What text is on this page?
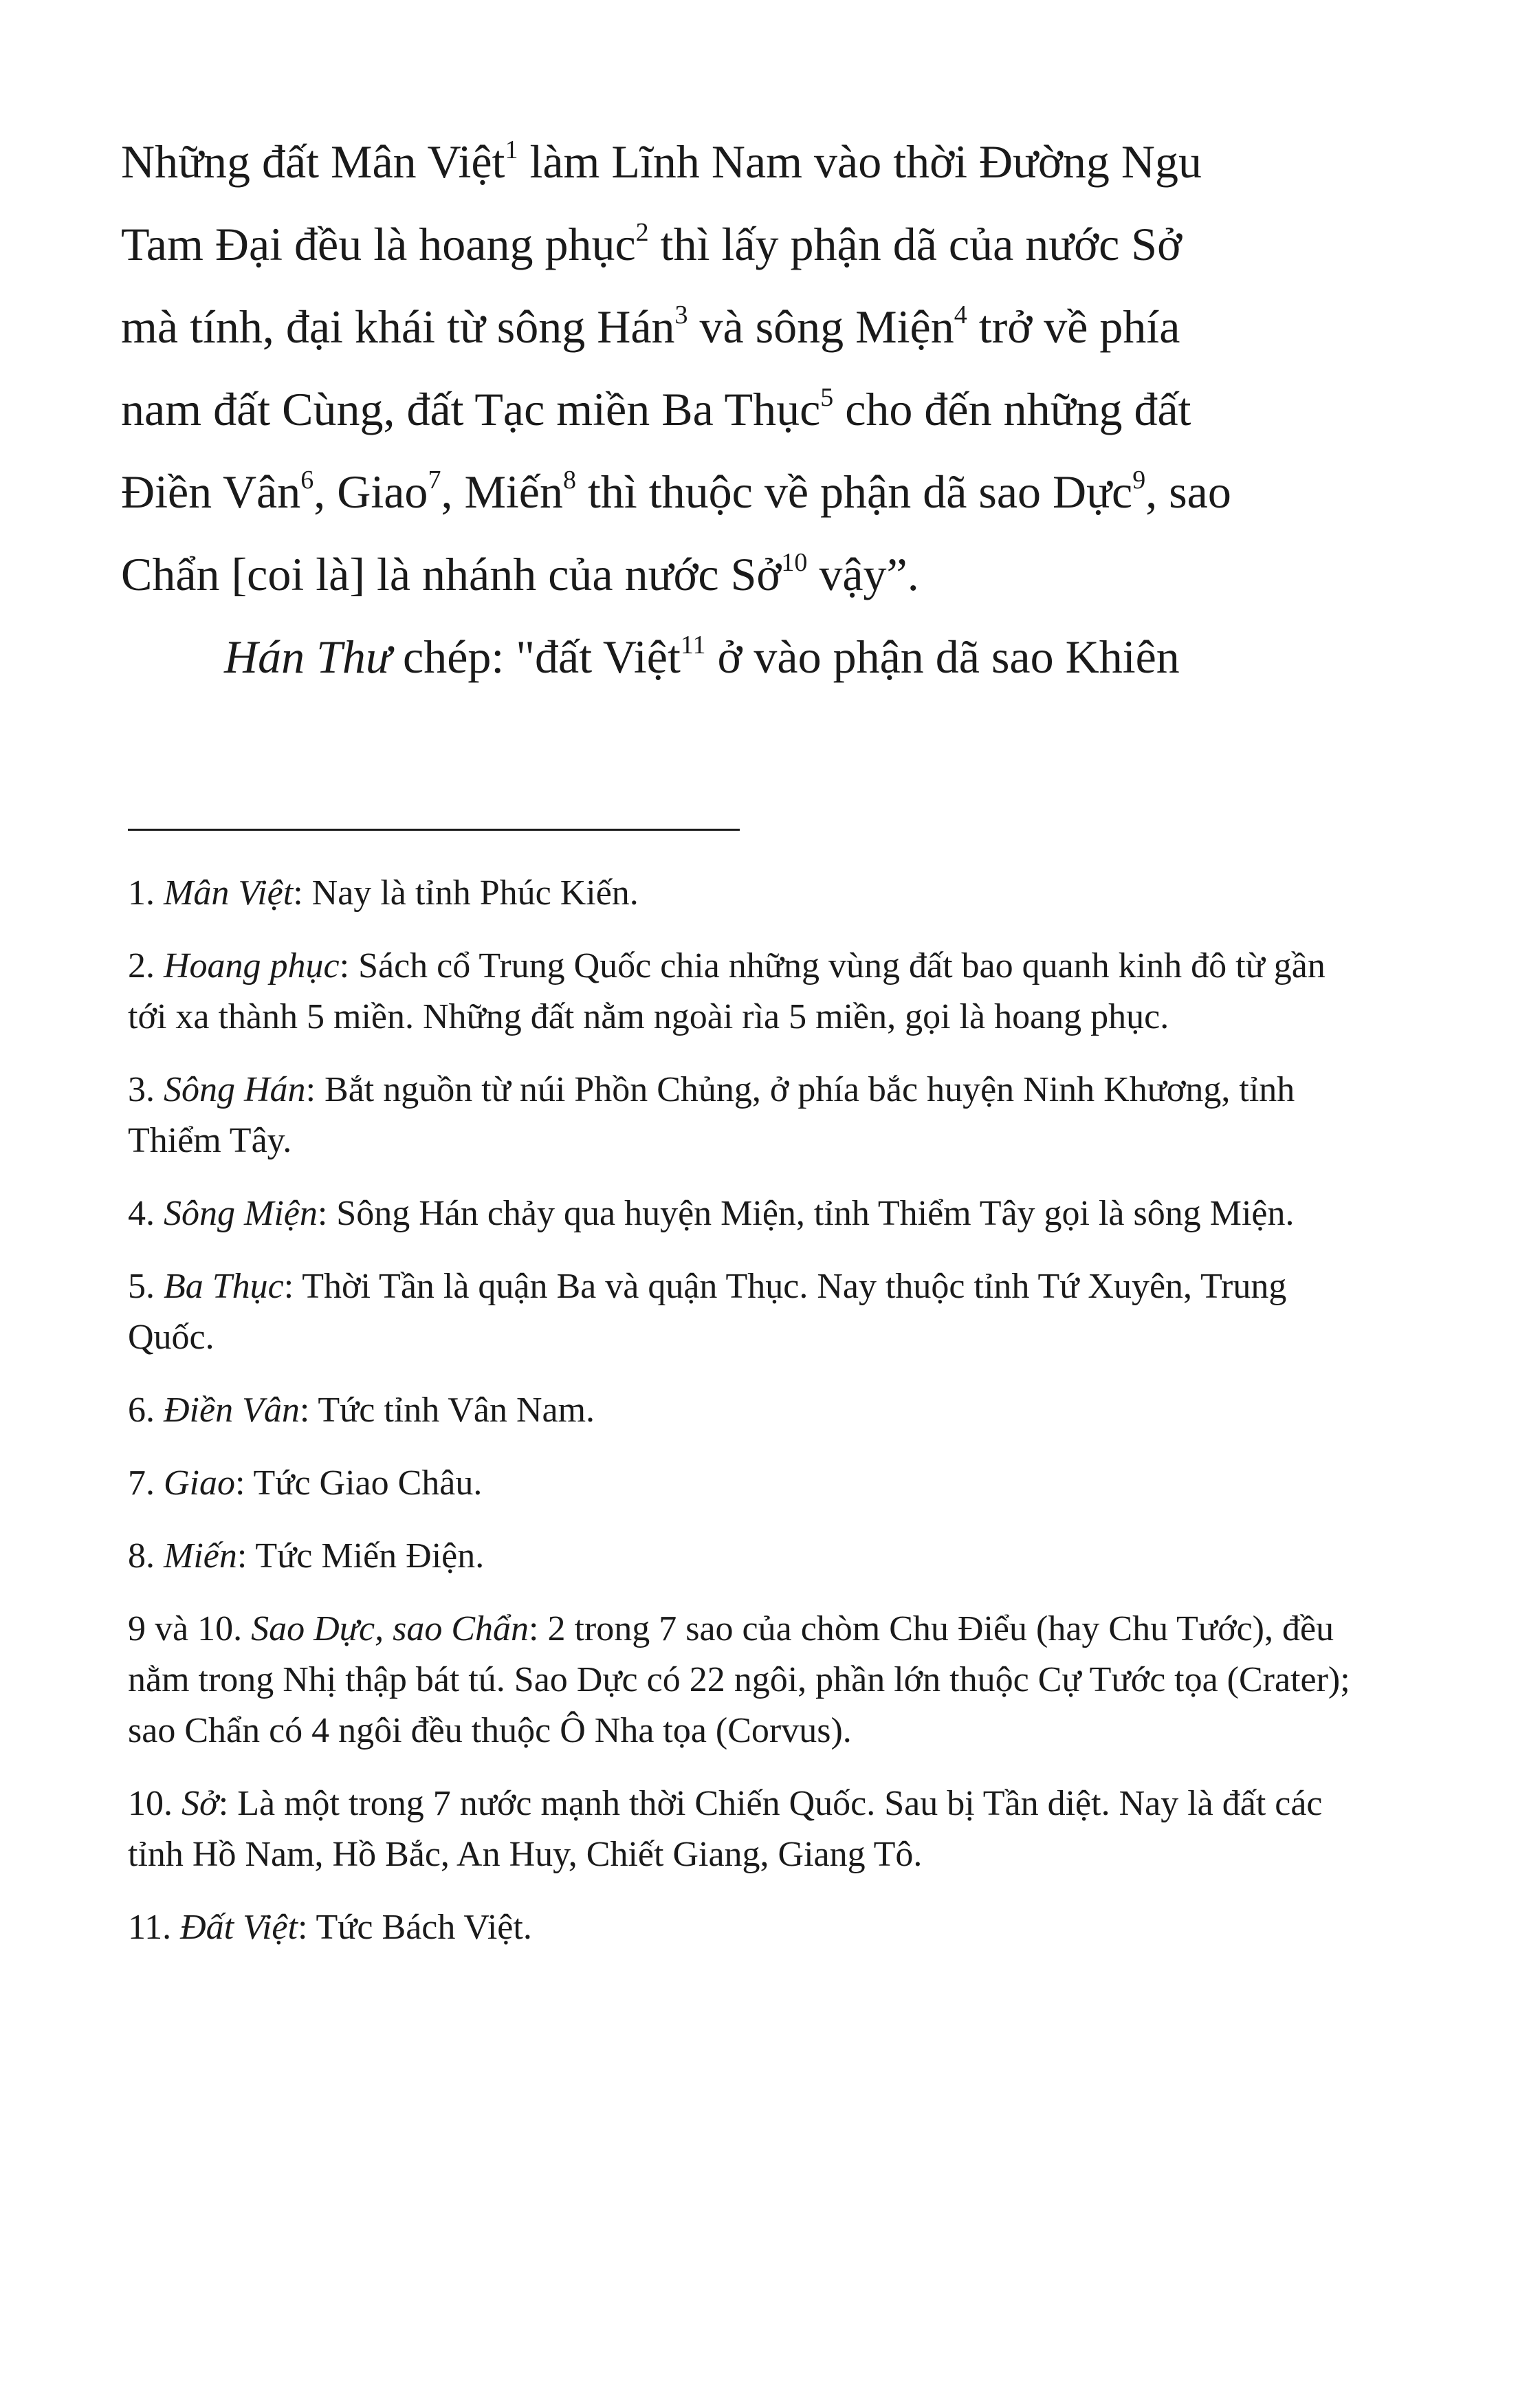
Những đất Mân Việt$^1$ làm Lĩnh Nam vào thời Đường Ngu
Tam Đại đều là hoang phục$^2$ thì lấy phận dã của nước Sở
mà tính, đại khái từ sông Hán$^3$ và sông Miện$^4$ trở về phía
nam đất Cùng, đất Tạc miền Ba Thục$^5$ cho đến những đất
Điền Vân$^6$, Giao$^7$, Miến$^8$ thì thuộc về phận dã sao Dực$^9$, sao
Chẩn [coi là] là nhánh của nước Sở$^{10}$ vậy”.

Hán Thư chép: "đất Việt$^{11}$ ở vào phận dã sao Khiên

1. Mân Việt: Nay là tỉnh Phúc Kiến.

2. Hoang phục: Sách cổ Trung Quốc chia những vùng đất bao quanh kinh đô từ gần tới xa thành 5 miền. Những đất nằm ngoài rìa 5 miền, gọi là hoang phục.

3. Sông Hán: Bắt nguồn từ núi Phồn Chủng, ở phía bắc huyện Ninh Khương, tỉnh Thiểm Tây.

4. Sông Miện: Sông Hán chảy qua huyện Miện, tỉnh Thiểm Tây gọi là sông Miện.

5. Ba Thục: Thời Tần là quận Ba và quận Thục. Nay thuộc tỉnh Tứ Xuyên, Trung Quốc.

6. Điền Vân: Tức tỉnh Vân Nam.

7. Giao: Tức Giao Châu.

8. Miến: Tức Miến Điện.

9 và 10. Sao Dực, sao Chẩn: 2 trong 7 sao của chòm Chu Điểu (hay Chu Tước), đều nằm trong Nhị thập bát tú. Sao Dực có 22 ngôi, phần lớn thuộc Cự Tước tọa (Crater); sao Chẩn có 4 ngôi đều thuộc Ô Nha tọa (Corvus).

10. Sở: Là một trong 7 nước mạnh thời Chiến Quốc. Sau bị Tần diệt. Nay là đất các tỉnh Hồ Nam, Hồ Bắc, An Huy, Chiết Giang, Giang Tô.

11. Đất Việt: Tức Bách Việt.
